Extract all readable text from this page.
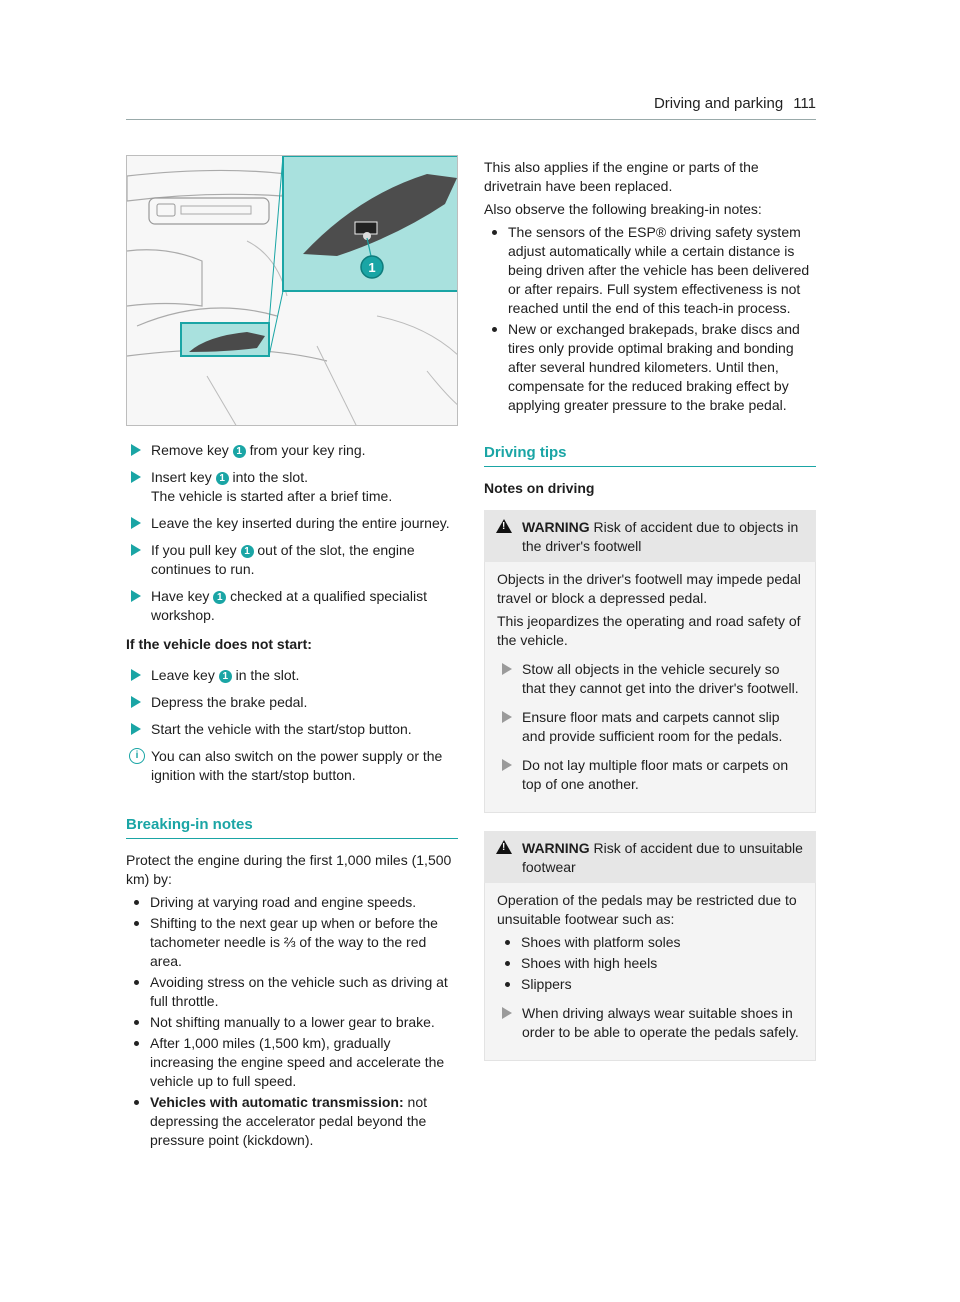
Driving and parking 111
1

Remove key 1 from your key ring.

Insert key 1 into the slot.

The vehicle is started after a brief time.

Leave the key inserted during the entire journey.

If you pull key 1 out of the slot, the engine continues to run.

Have key 1 checked at a qualified specialist workshop.

If the vehicle does not start:

Leave key 1 in the slot.

Depress the brake pedal.

Start the vehicle with the start/stop button.

i You can also switch on the power supply or the ignition with the start/stop button.
Breaking-in notes

Protect the engine during the first 1,000 miles (1,500 km) by:

Driving at varying road and engine speeds.
Shifting to the next gear up when or before the tachometer needle is ⅔ of the way to the red area.
Avoiding stress on the vehicle such as driving at full throttle.
Not shifting manually to a lower gear to brake.
After 1,000 miles (1,500 km), gradually increasing the engine speed and accelerate the vehicle up to full speed.
Vehicles with automatic transmission: not depressing the accelerator pedal beyond the pressure point (kickdown).

This also applies if the engine or parts of the drivetrain have been replaced.

Also observe the following breaking-in notes:

The sensors of the ESP® driving safety system adjust automatically while a certain distance is being driven after the vehicle has been delivered or after repairs. Full system effectiveness is not reached until the end of this teach-in process.
New or exchanged brakepads, brake discs and tires only provide optimal braking and bonding after several hundred kilometers. Until then, compensate for the reduced braking effect by applying greater pressure to the brake pedal.
Driving tips
Notes on driving
!
WARNING Risk of accident due to objects in the driver's footwell

Objects in the driver's footwell may impede pedal travel or block a depressed pedal.

This jeopardizes the operating and road safety of the vehicle.

Stow all objects in the vehicle securely so that they cannot get into the driver's footwell.

Ensure floor mats and carpets cannot slip and provide sufficient room for the pedals.

Do not lay multiple floor mats or carpets on top of one another.

!
WARNING Risk of accident due to unsuitable footwear

Operation of the pedals may be restricted due to unsuitable footwear such as:

Shoes with platform soles
Shoes with high heels
Slippers

When driving always wear suitable shoes in order to be able to operate the pedals safely.
